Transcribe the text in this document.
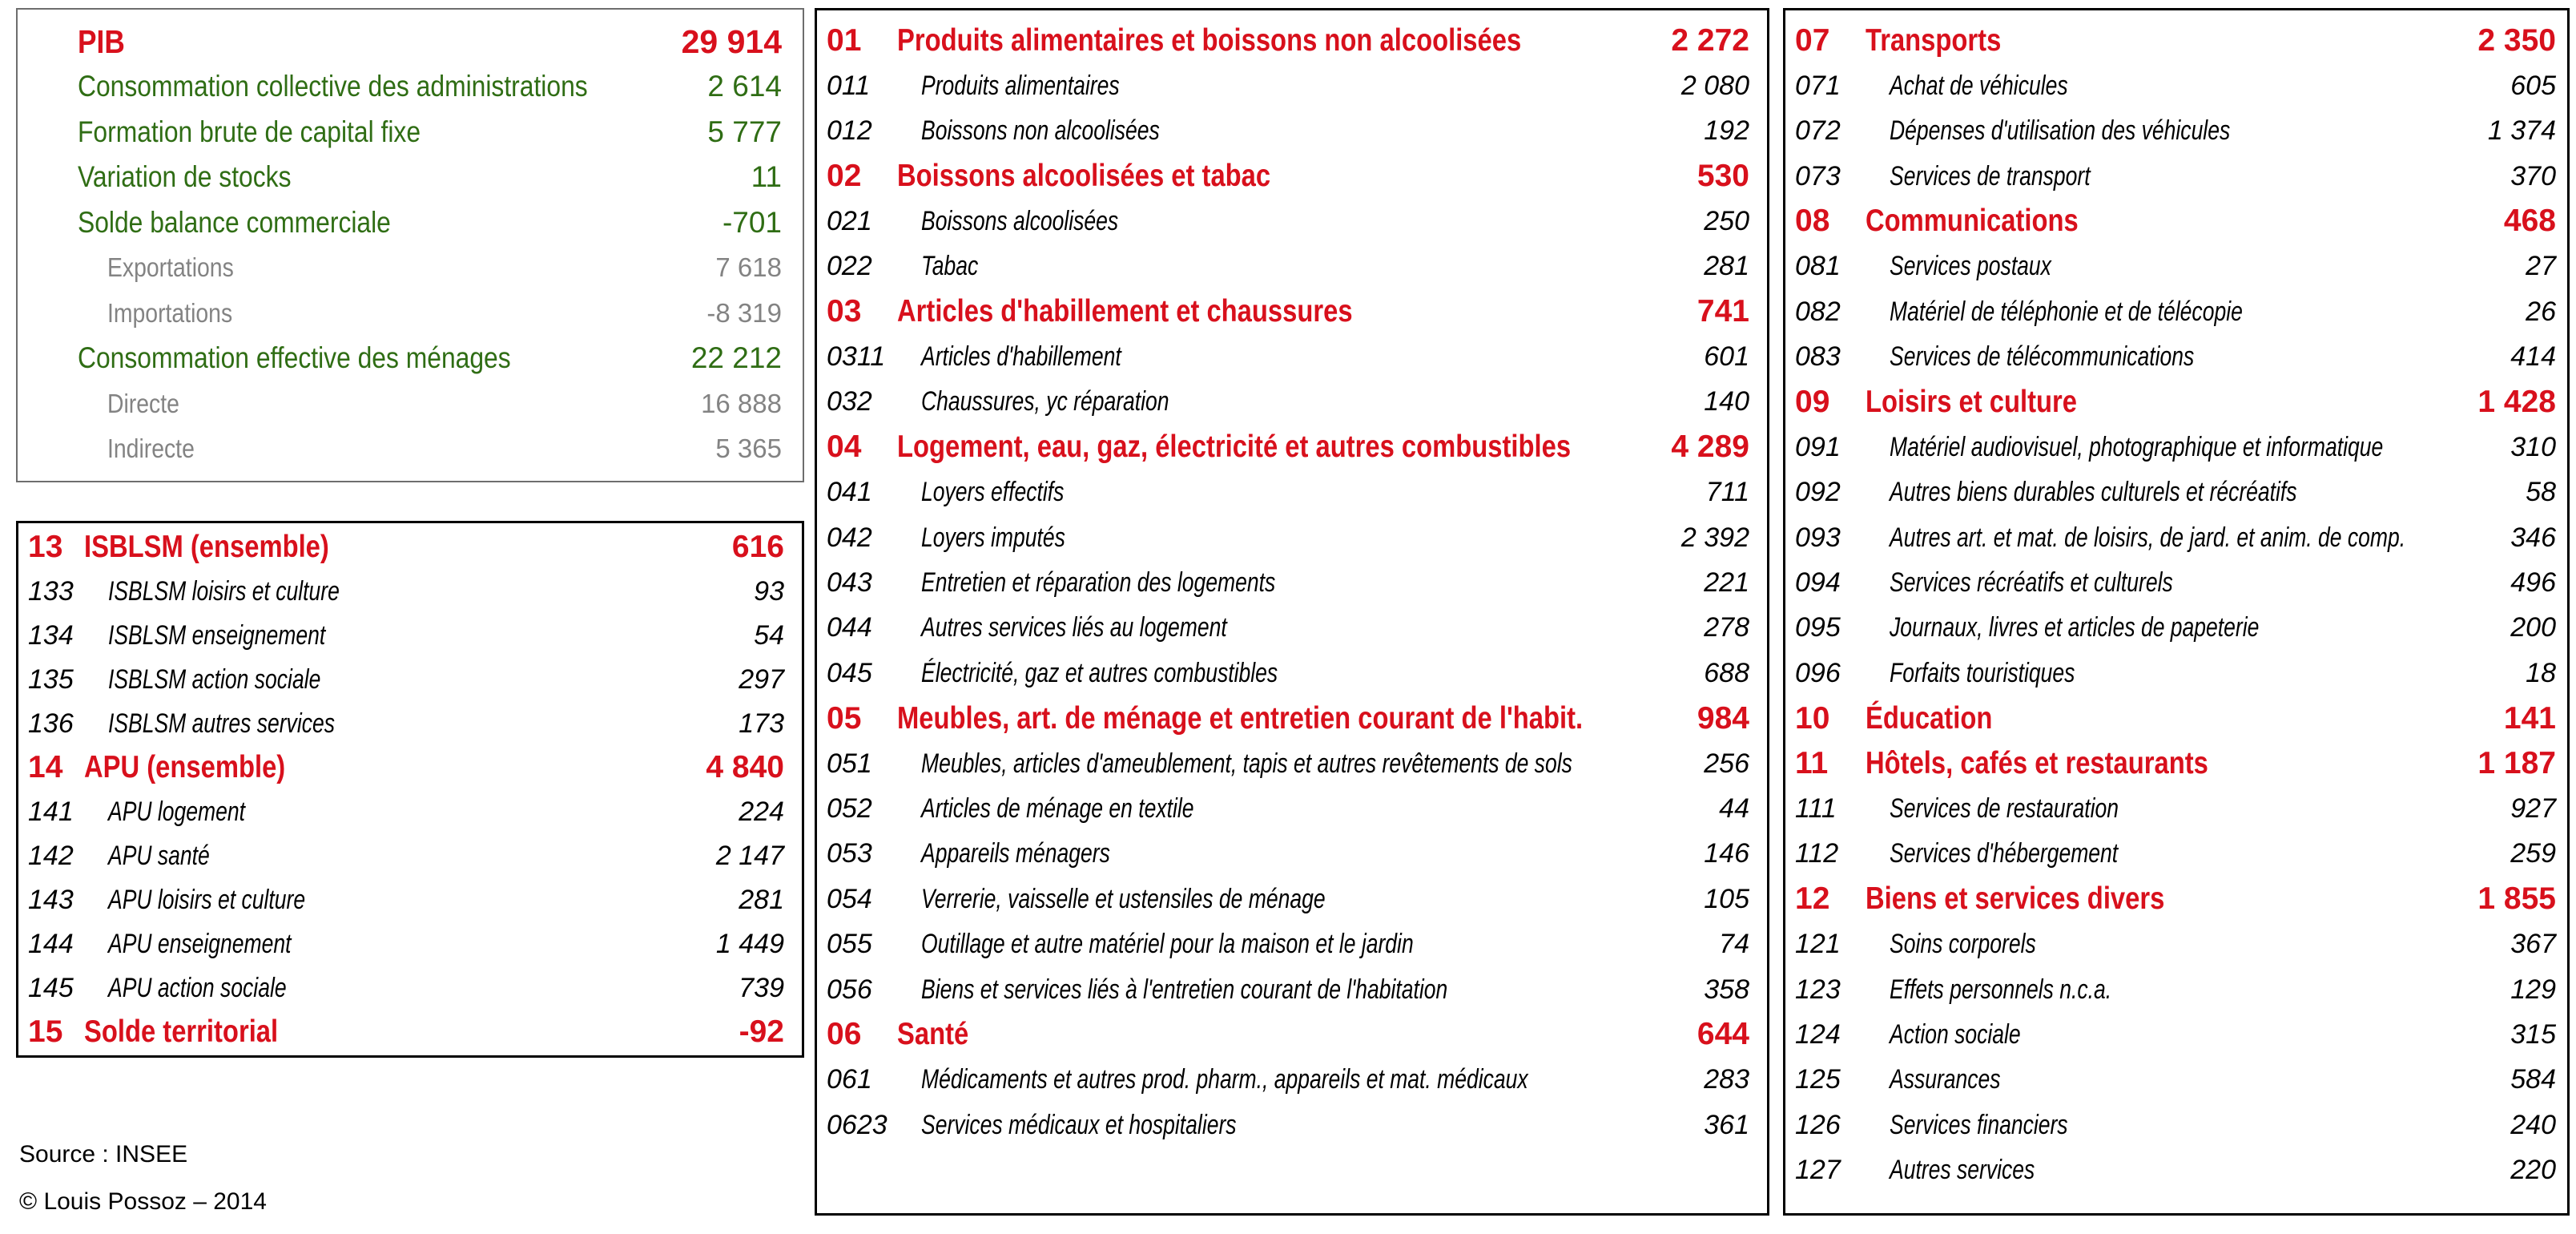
PIB	29 914
Consommation collective des administrations	2 614
Formation brute de capital fixe	5 777
Variation de stocks	11
Solde balance commerciale	-701
Exportations	7 618
Importations	-8 319
Consommation effective des ménages	22 212
Directe	16 888
Indirecte	5 365
13 ISBLSM (ensemble)	616
133	ISBLSM loisirs et culture	93
134	ISBLSM enseignement	54
135	ISBLSM action sociale	297
136	ISBLSM autres services	173
14 APU (ensemble)	4 840
141	APU logement	224
142	APU santé	2 147
143	APU loisirs et culture	281
144	APU enseignement	1 449
145	APU action sociale	739
15 Solde territorial	-92
01	Produits alimentaires et boissons non alcoolisées	2 272
011	Produits alimentaires	2 080
012	Boissons non alcoolisées	192
02	Boissons alcoolisées et tabac	530
021	Boissons alcoolisées	250
022	Tabac	281
03	Articles d'habillement et chaussures	741
0311	Articles d'habillement	601
032	Chaussures, yc réparation	140
04	Logement, eau, gaz, électricité et autres combustibles	4 289
041	Loyers effectifs	711
042	Loyers imputés	2 392
043	Entretien et réparation des logements	221
044	Autres services liés au logement	278
045	Électricité, gaz et autres combustibles	688
05	Meubles, art. de ménage et entretien courant de l'habit.	984
051	Meubles, articles d'ameublement, tapis et autres revêtements de sols	256
052	Articles de ménage en textile	44
053	Appareils ménagers	146
054	Verrerie, vaisselle et ustensiles de ménage	105
055	Outillage et autre matériel pour la maison et le jardin	74
056	Biens et services liés à l'entretien courant de l'habitation	358
06	Santé	644
061	Médicaments et autres prod. pharm., appareils et mat. médicaux	283
0623	Services médicaux et hospitaliers	361
07	Transports	2 350
071	Achat de véhicules	605
072	Dépenses d'utilisation des véhicules	1 374
073	Services de transport	370
08	Communications	468
081	Services postaux	27
082	Matériel de téléphonie et de télécopie	26
083	Services de télécommunications	414
09	Loisirs et culture	1 428
091	Matériel audiovisuel, photographique et informatique	310
092	Autres biens durables culturels et récréatifs	58
093	Autres art. et mat. de loisirs, de jard. et anim. de comp.	346
094	Services récréatifs et culturels	496
095	Journaux, livres et articles de papeterie	200
096	Forfaits touristiques	18
10	Éducation	141
11	Hôtels, cafés et restaurants	1 187
111	Services de restauration	927
112	Services d'hébergement	259
12	Biens et services divers	1 855
121	Soins corporels	367
123	Effets personnels n.c.a.	129
124	Action sociale	315
125	Assurances	584
126	Services financiers	240
127	Autres services	220
Source : INSEE
© Louis Possoz – 2014
